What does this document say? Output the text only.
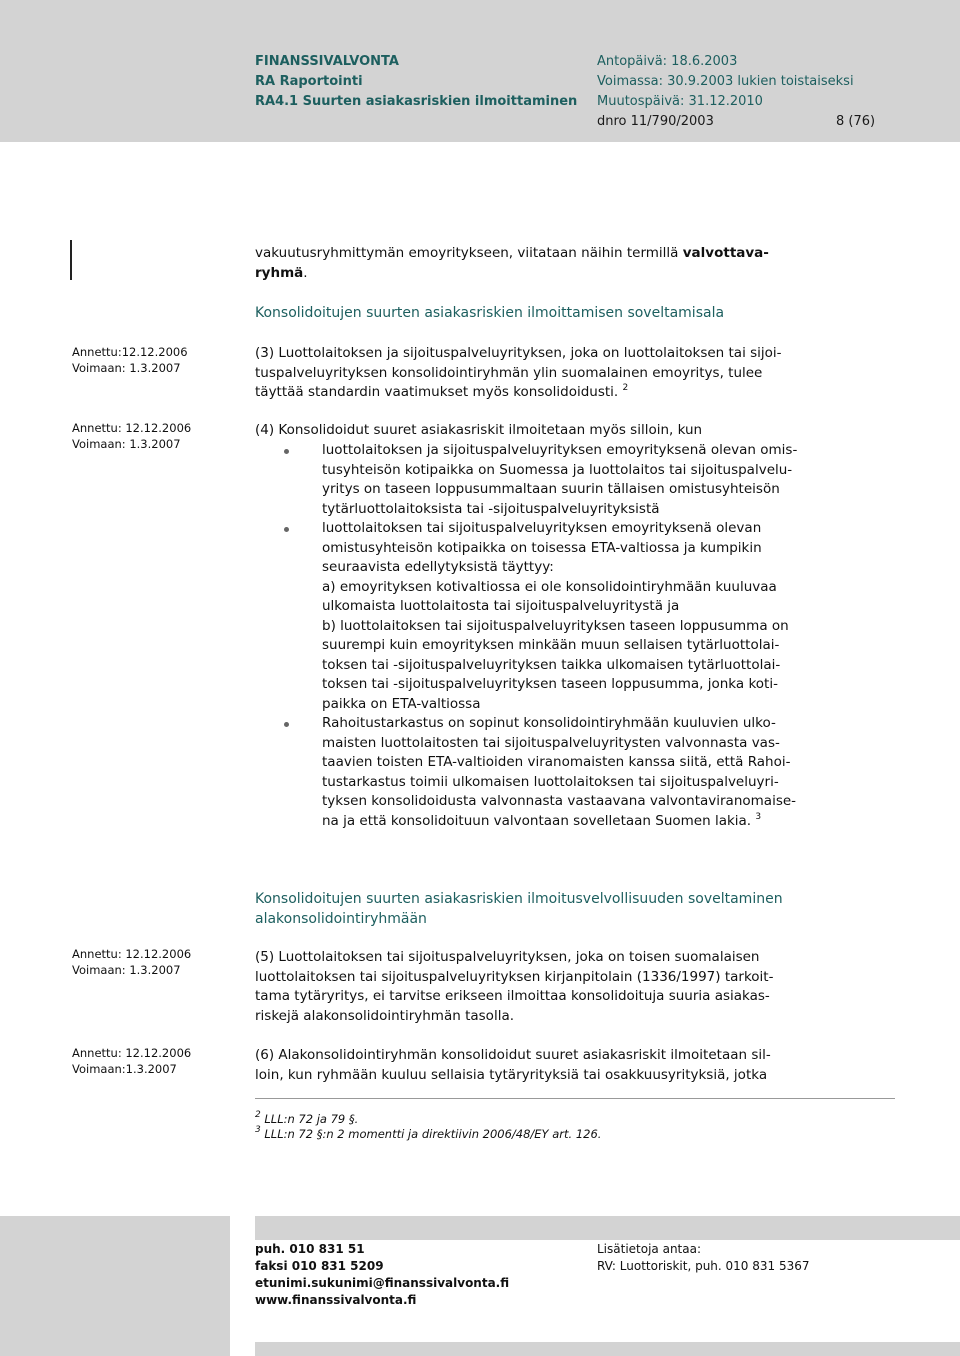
FINANSSIVALVONTA
RA Raportointi
RA4.1 Suurten asiakasriskien ilmoittaminen
Antopäivä: 18.6.2003
Voimassa: 30.9.2003 lukien toistaiseksi
Muutospäivä: 31.12.2010
dnro 11/790/2003	8 (76)
vakuutusryhmittymän emoyritykseen, viitataan näihin termillä valvottava-
ryhmä.
Konsolidoitujen suurten asiakasriskien ilmoittamisen soveltamisala
Annettu:12.12.2006
Voimaan: 1.3.2007
(3) Luottolaitoksen ja sijoituspalveluyrityksen, joka on luottolaitoksen tai sijoi-
tuspalveluyrityksen konsolidointiryhmän ylin suomalainen emoyritys, tulee
täyttää standardin vaatimukset myös konsolidoidusti. $^2$
Annettu: 12.12.2006
Voimaan: 1.3.2007
(4) Konsolidoidut suuret asiakasriskit ilmoitetaan myös silloin, kun
luottolaitoksen ja sijoituspalveluyrityksen emoyrityksenä olevan omis-
tusyhteisön kotipaikka on Suomessa ja luottolaitos tai sijoituspalvelu-
yritys on taseen loppusummaltaan suurin tällaisen omistusyhteisön
tytärluottolaitoksista tai -sijoituspalveluyrityksistä
luottolaitoksen tai sijoituspalveluyrityksen emoyrityksenä olevan
omistusyhteisön kotipaikka on toisessa ETA-valtiossa ja kumpikin
seuraavista edellytyksistä täyttyy:
a) emoyrityksen kotivaltiossa ei ole konsolidointiryhmään kuuluvaa
ulkomaista luottolaitosta tai sijoituspalveluyritystä ja
b) luottolaitoksen tai sijoituspalveluyrityksen taseen loppusumma on
suurempi kuin emoyrityksen minkään muun sellaisen tytärluottolai-
toksen tai -sijoituspalveluyrityksen taikka ulkomaisen tytärluottolai-
toksen tai -sijoituspalveluyrityksen taseen loppusumma, jonka koti-
paikka on ETA-valtiossa
Rahoitustarkastus on sopinut konsolidointiryhmään kuuluvien ulko-
maisten luottolaitosten tai sijoituspalveluyritysten valvonnasta vas-
taavien toisten ETA-valtioiden viranomaisten kanssa siitä, että Rahoi-
tustarkastus toimii ulkomaisen luottolaitoksen tai sijoituspalveluyri-
tyksen konsolidoidusta valvonnasta vastaavana valvontaviranomaise-
na ja että konsolidoituun valvontaan sovelletaan Suomen lakia. $^3$
Konsolidoitujen suurten asiakasriskien ilmoitusvelvollisuuden soveltaminen
alakonsolidointiryhmään
Annettu: 12.12.2006
Voimaan: 1.3.2007
(5) Luottolaitoksen tai sijoituspalveluyrityksen, joka on toisen suomalaisen
luottolaitoksen tai sijoituspalveluyrityksen kirjanpitolain (1336/1997) tarkoit-
tama tytäryritys, ei tarvitse erikseen ilmoittaa konsolidoituja suuria asiakas-
riskejä alakonsolidointiryhmän tasolla.
Annettu: 12.12.2006
Voimaan:1.3.2007
(6) Alakonsolidointiryhmän konsolidoidut suuret asiakasriskit ilmoitetaan sil-
loin, kun ryhmään kuuluu sellaisia tytäryrityksiä tai osakkuusyrityksiä, jotka
$^2$ LLL:n 72 ja 79 §.
$^3$ LLL:n 72 §:n 2 momentti ja direktiivin 2006/48/EY art. 126.
puh. 010 831 51
faksi 010 831 5209
etunimi.sukunimi@finanssivalvonta.fi
www.finanssivalvonta.fi
Lisätietoja antaa:
RV: Luottoriskit, puh. 010 831 5367
